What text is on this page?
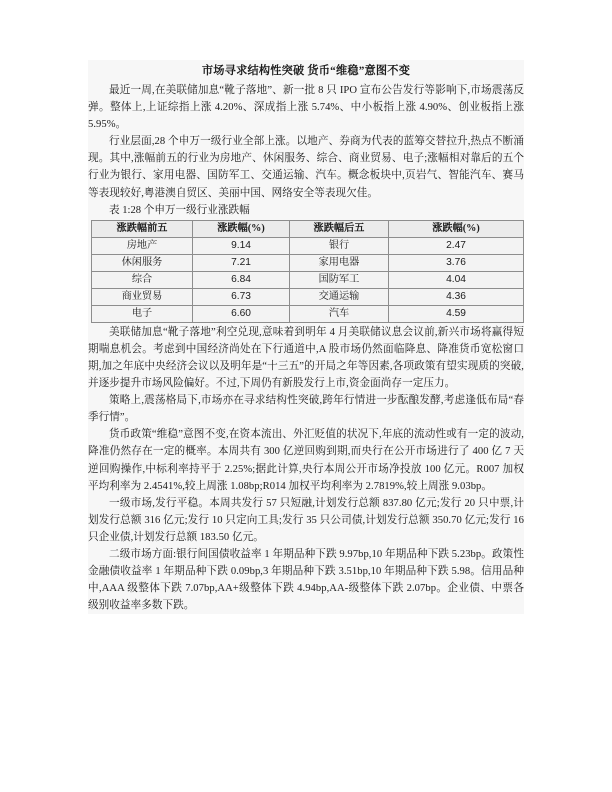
市场寻求结构性突破 货币“维稳”意图不变

最近一周,在美联储加息“靴子落地”、新一批 8 只 IPO 宣布公告发行等影响下,市场震荡反弹。整体上,上证综指上涨 4.20%、深成指上涨 5.74%、中小板指上涨 4.90%、创业板指上涨 5.95%。

行业层面,28 个申万一级行业全部上涨。以地产、券商为代表的蓝筹交替拉升,热点不断涌现。其中,涨幅前五的行业为房地产、休闲服务、综合、商业贸易、电子;涨幅相对靠后的五个行业为银行、家用电器、国防军工、交通运输、汽车。概念板块中,页岩气、智能汽车、赛马等表现较好,粤港澳自贸区、美丽中国、网络安全等表现欠佳。

表 1:28 个申万一级行业涨跌幅
涨跌幅前五	涨跌幅(%)	涨跌幅后五	涨跌幅(%)
房地产	9.14	银行	2.47
休闲服务	7.21	家用电器	3.76
综合	6.84	国防军工	4.04
商业贸易	6.73	交通运输	4.36
电子	6.60	汽车	4.59

美联储加息“靴子落地”利空兑现,意味着到明年 4 月美联储议息会议前,新兴市场将赢得短期喘息机会。考虑到中国经济尚处在下行通道中,A 股市场仍然面临降息、降准货币宽松窗口期,加之年底中央经济会议以及明年是“十三五”的开局之年等因素,各项政策有望实现质的突破,并逐步提升市场风险偏好。不过,下周仍有新股发行上市,资金面尚存一定压力。

策略上,震荡格局下,市场亦在寻求结构性突破,跨年行情进一步酝酿发酵,考虑逢低布局“春季行情”。

货币政策“维稳”意图不变,在资本流出、外汇贬值的状况下,年底的流动性或有一定的波动,降准仍然存在一定的概率。本周共有 300 亿逆回购到期,而央行在公开市场进行了 400 亿 7 天逆回购操作,中标利率持平于 2.25%;据此计算,央行本周公开市场净投放 100 亿元。R007 加权平均利率为 2.4541%,较上周涨 1.08bp;R014 加权平均利率为 2.7819%,较上周涨 9.03bp。

一级市场,发行平稳。本周共发行 57 只短融,计划发行总额 837.80 亿元;发行 20 只中票,计划发行总额 316 亿元;发行 10 只定向工具;发行 35 只公司债,计划发行总额 350.70 亿元;发行 16 只企业债,计划发行总额 183.50 亿元。

二级市场方面:银行间国债收益率 1 年期品种下跌 9.97bp,10 年期品种下跌 5.23bp。政策性金融债收益率 1 年期品种下跌 0.09bp,3 年期品种下跌 3.51bp,10 年期品种下跌 5.98。信用品种中,AAA 级整体下跌 7.07bp,AA+级整体下跌 4.94bp,AA-级整体下跌 2.07bp。企业债、中票各级别收益率多数下跌。
